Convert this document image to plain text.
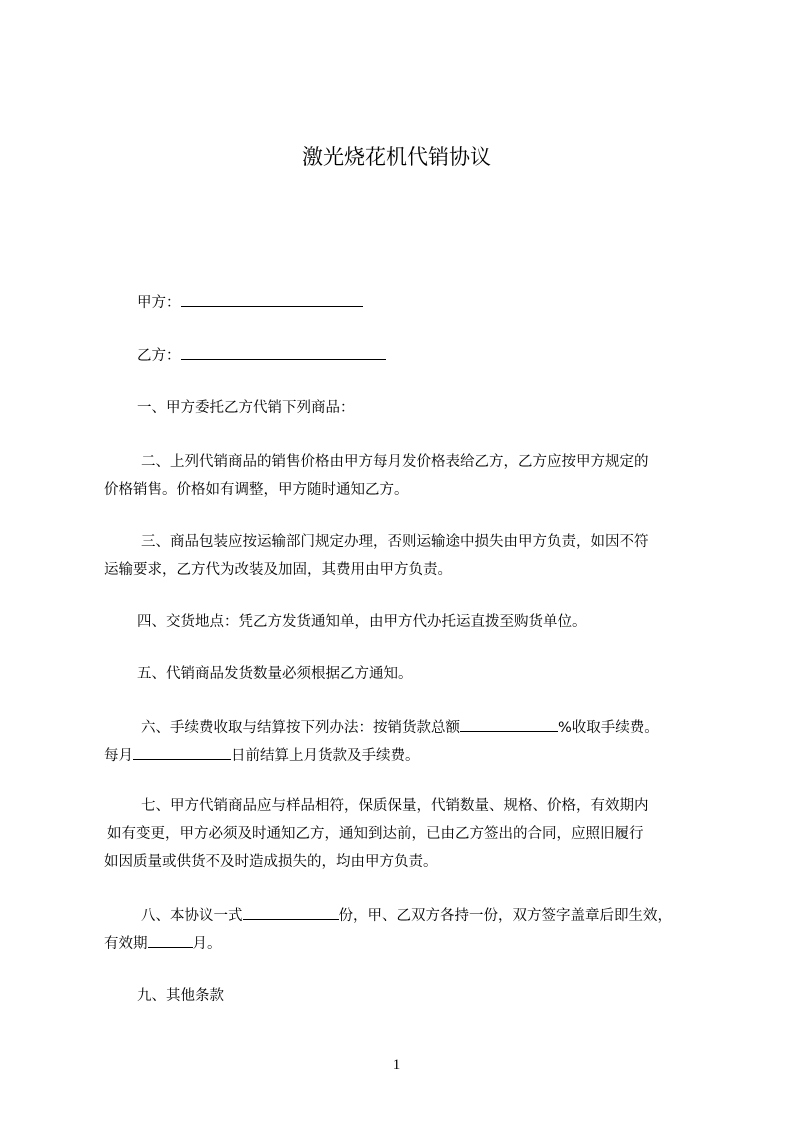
激光烧花机代销协议

甲方：

乙方：

一、甲方委托乙方代销下列商品：

二、上列代销商品的销售价格由甲方每月发价格表给乙方，乙方应按甲方规定的

价格销售。价格如有调整，甲方随时通知乙方。

三、商品包装应按运输部门规定办理，否则运输途中损失由甲方负责，如因不符

运输要求，乙方代为改装及加固，其费用由甲方负责。

四、交货地点：凭乙方发货通知单，由甲方代办托运直拨至购货单位。

五、代销商品发货数量必须根据乙方通知。

六、手续费收取与结算按下列办法：按销货款总额	%收取手续费。

每月	日前结算上月货款及手续费。

七、甲方代销商品应与样品相符，保质保量，代销数量、规格、价格，有效期内

如有变更，甲方必须及时通知乙方，通知到达前，已由乙方签出的合同，应照旧履行

如因质量或供货不及时造成损失的，均由甲方负责。

八、本协议一式	份，甲、乙双方各持一份，双方签字盖章后即生效，

有效期	月。

九、其他条款

1
